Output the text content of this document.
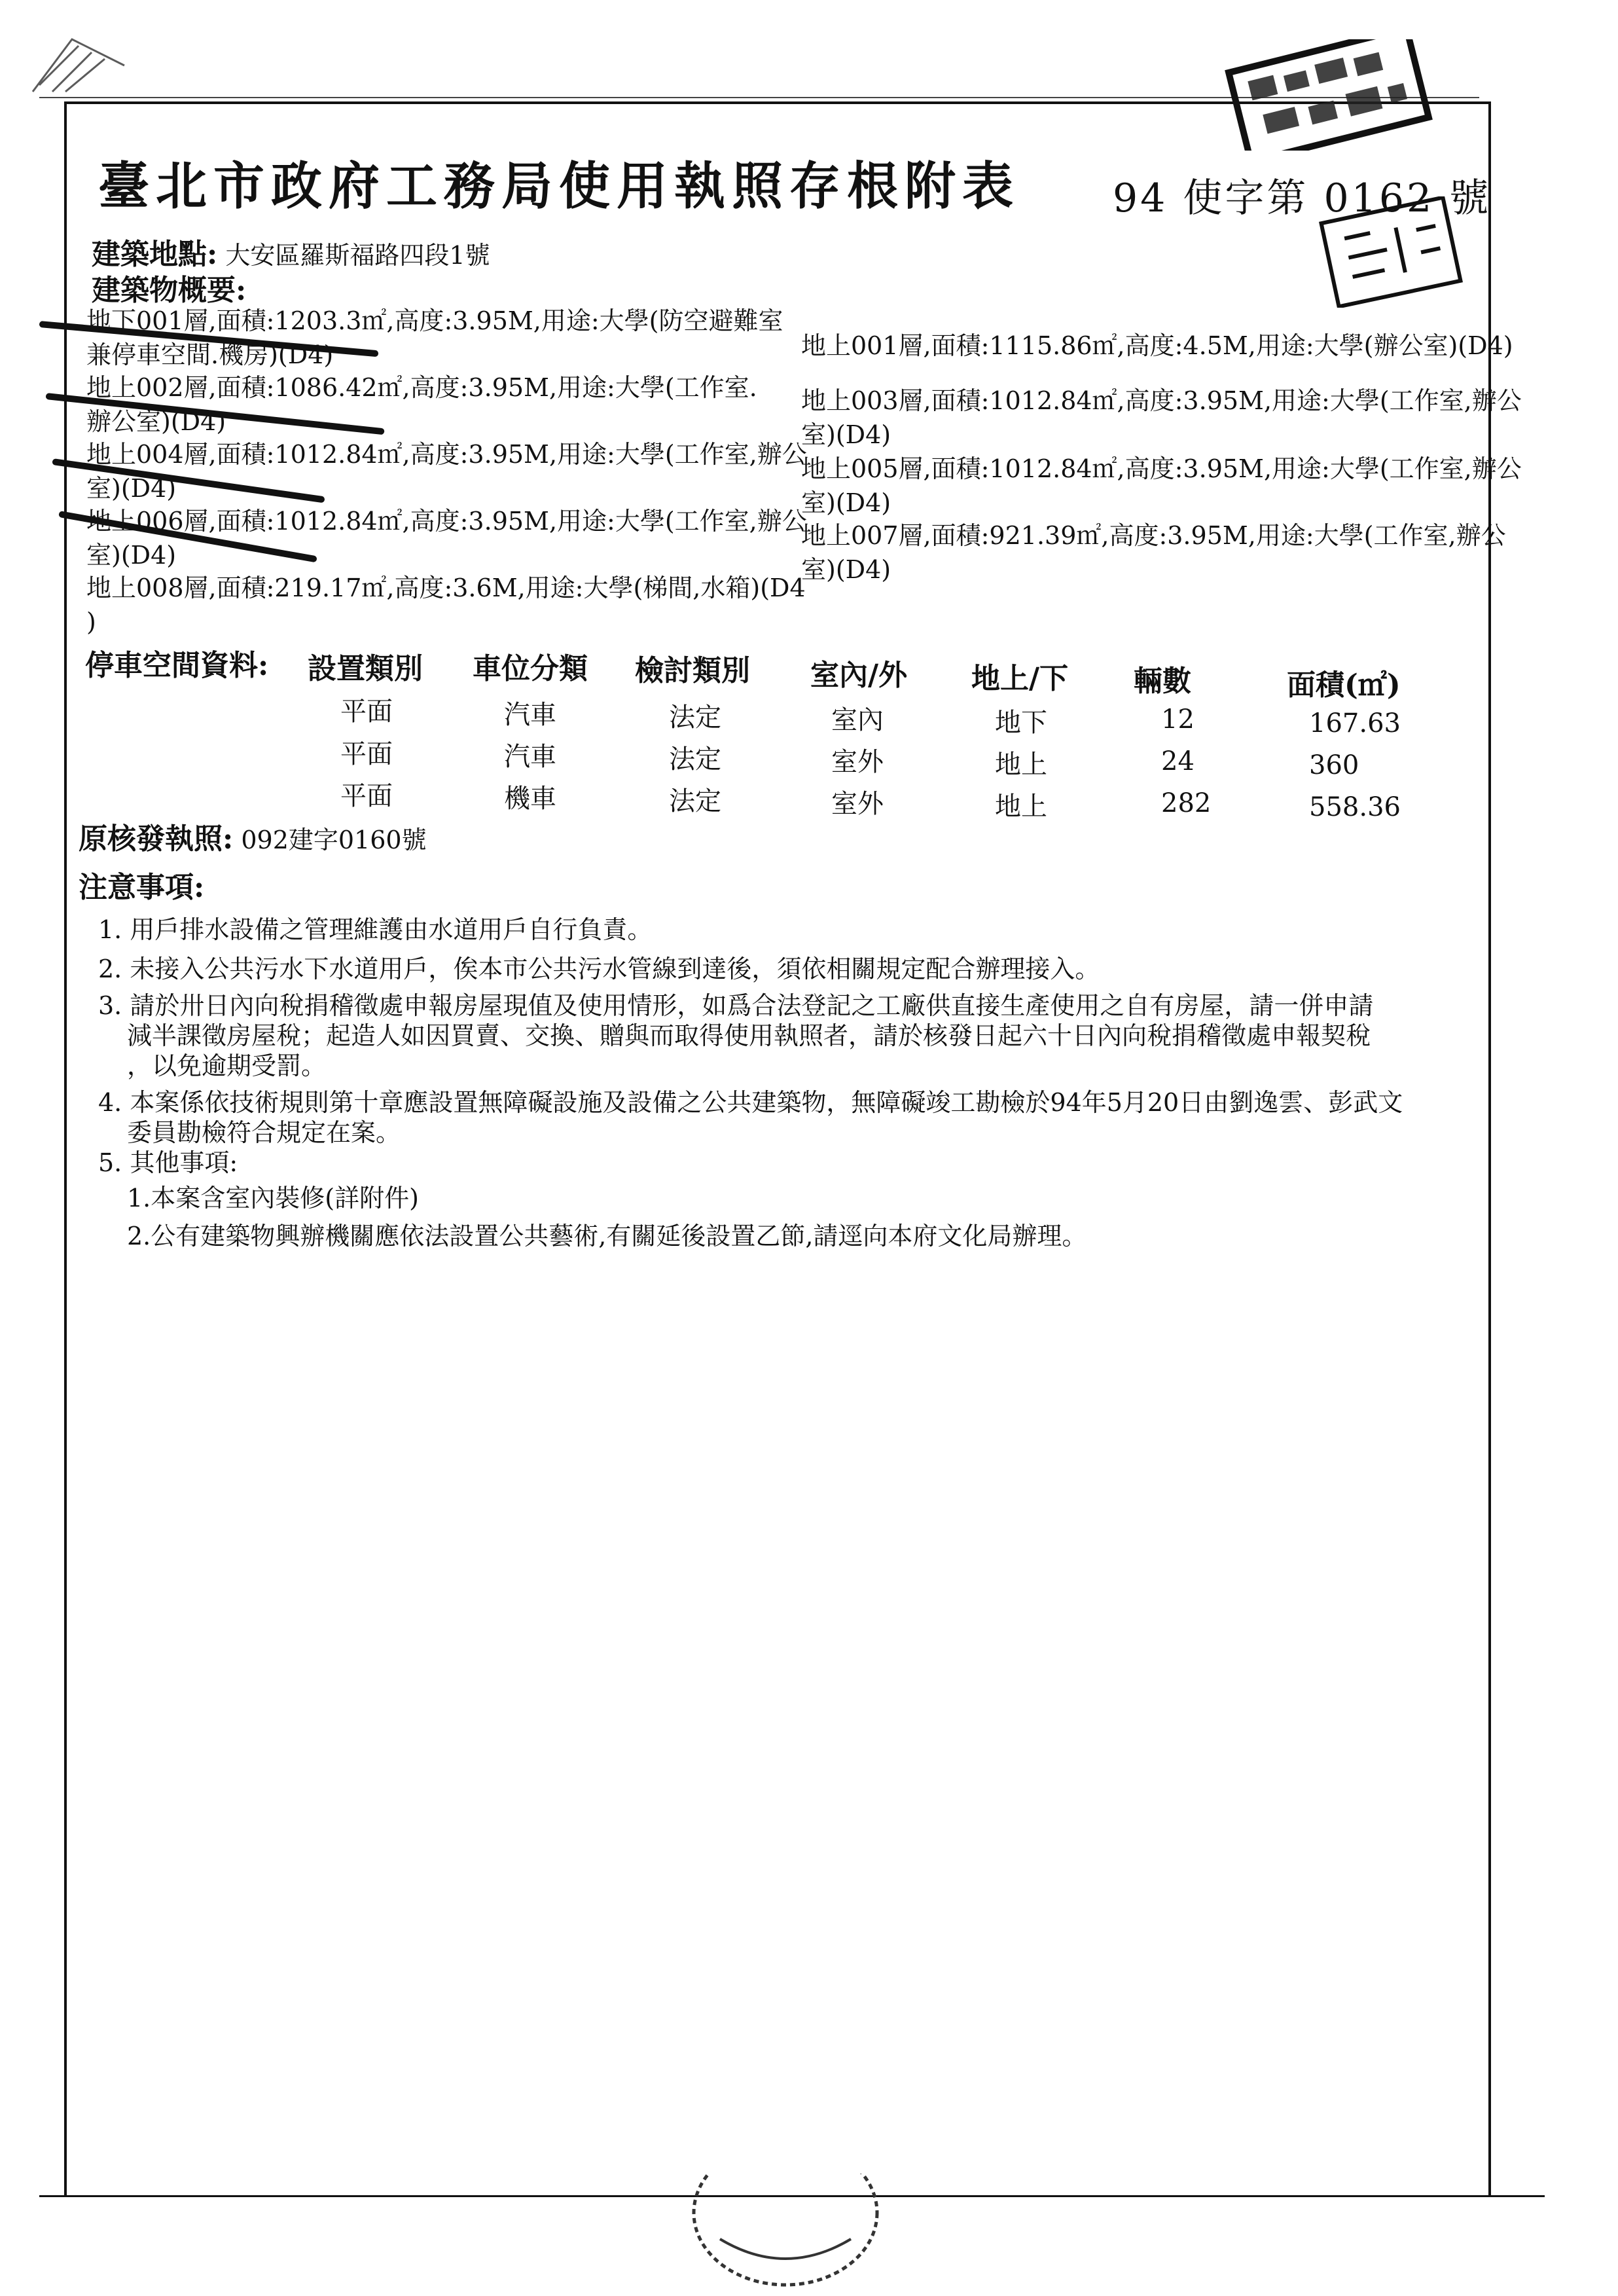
臺北市政府工務局使用執照存根附表 94 使字第 0162 號
建築地點: 大安區羅斯福路四段1號
建築物概要:
地下001層,面積:1203.3㎡,高度:3.95M,用途:大學(防空避難室
兼停車空間.機房)(D4)
地上002層,面積:1086.42㎡,高度:3.95M,用途:大學(工作室.
辦公室)(D4)
地上004層,面積:1012.84㎡,高度:3.95M,用途:大學(工作室,辦公
室)(D4)
地上006層,面積:1012.84㎡,高度:3.95M,用途:大學(工作室,辦公
室)(D4)
地上008層,面積:219.17㎡,高度:3.6M,用途:大學(梯間,水箱)(D4
)
地上001層,面積:1115.86㎡,高度:4.5M,用途:大學(辦公室)(D4)
地上003層,面積:1012.84㎡,高度:3.95M,用途:大學(工作室,辦公
室)(D4)
地上005層,面積:1012.84㎡,高度:3.95M,用途:大學(工作室,辦公
室)(D4)
地上007層,面積:921.39㎡,高度:3.95M,用途:大學(工作室,辦公
室)(D4)
停車空間資料: 設置類別 車位分類 檢討類別 室內/外 地上/下 輛數	面積(㎡)
平面	汽車	法定	室內	地下	12	167.63
平面	汽車	法定	室外	地上	24	360
平面	機車	法定	室外	地上	282	558.36
原核發執照: 092建字0160號
注意事項:
1. 用戶排水設備之管理維護由水道用戶自行負責。
2. 未接入公共污水下水道用戶，俟本市公共污水管線到達後，須依相關規定配合辦理接入。
3. 請於卅日內向稅捐稽徵處申報房屋現值及使用情形，如爲合法登記之工廠供直接生產使用之自有房屋，請一併申請
減半課徵房屋稅；起造人如因買賣、交換、贈與而取得使用執照者，請於核發日起六十日內向稅捐稽徵處申報契稅
，以免逾期受罰。
4. 本案係依技術規則第十章應設置無障礙設施及設備之公共建築物，無障礙竣工勘檢於94年5月20日由劉逸雲、彭武文
委員勘檢符合規定在案。
5. 其他事項:
1.本案含室內裝修(詳附件)
2.公有建築物興辦機關應依法設置公共藝術,有關延後設置乙節,請逕向本府文化局辦理。
